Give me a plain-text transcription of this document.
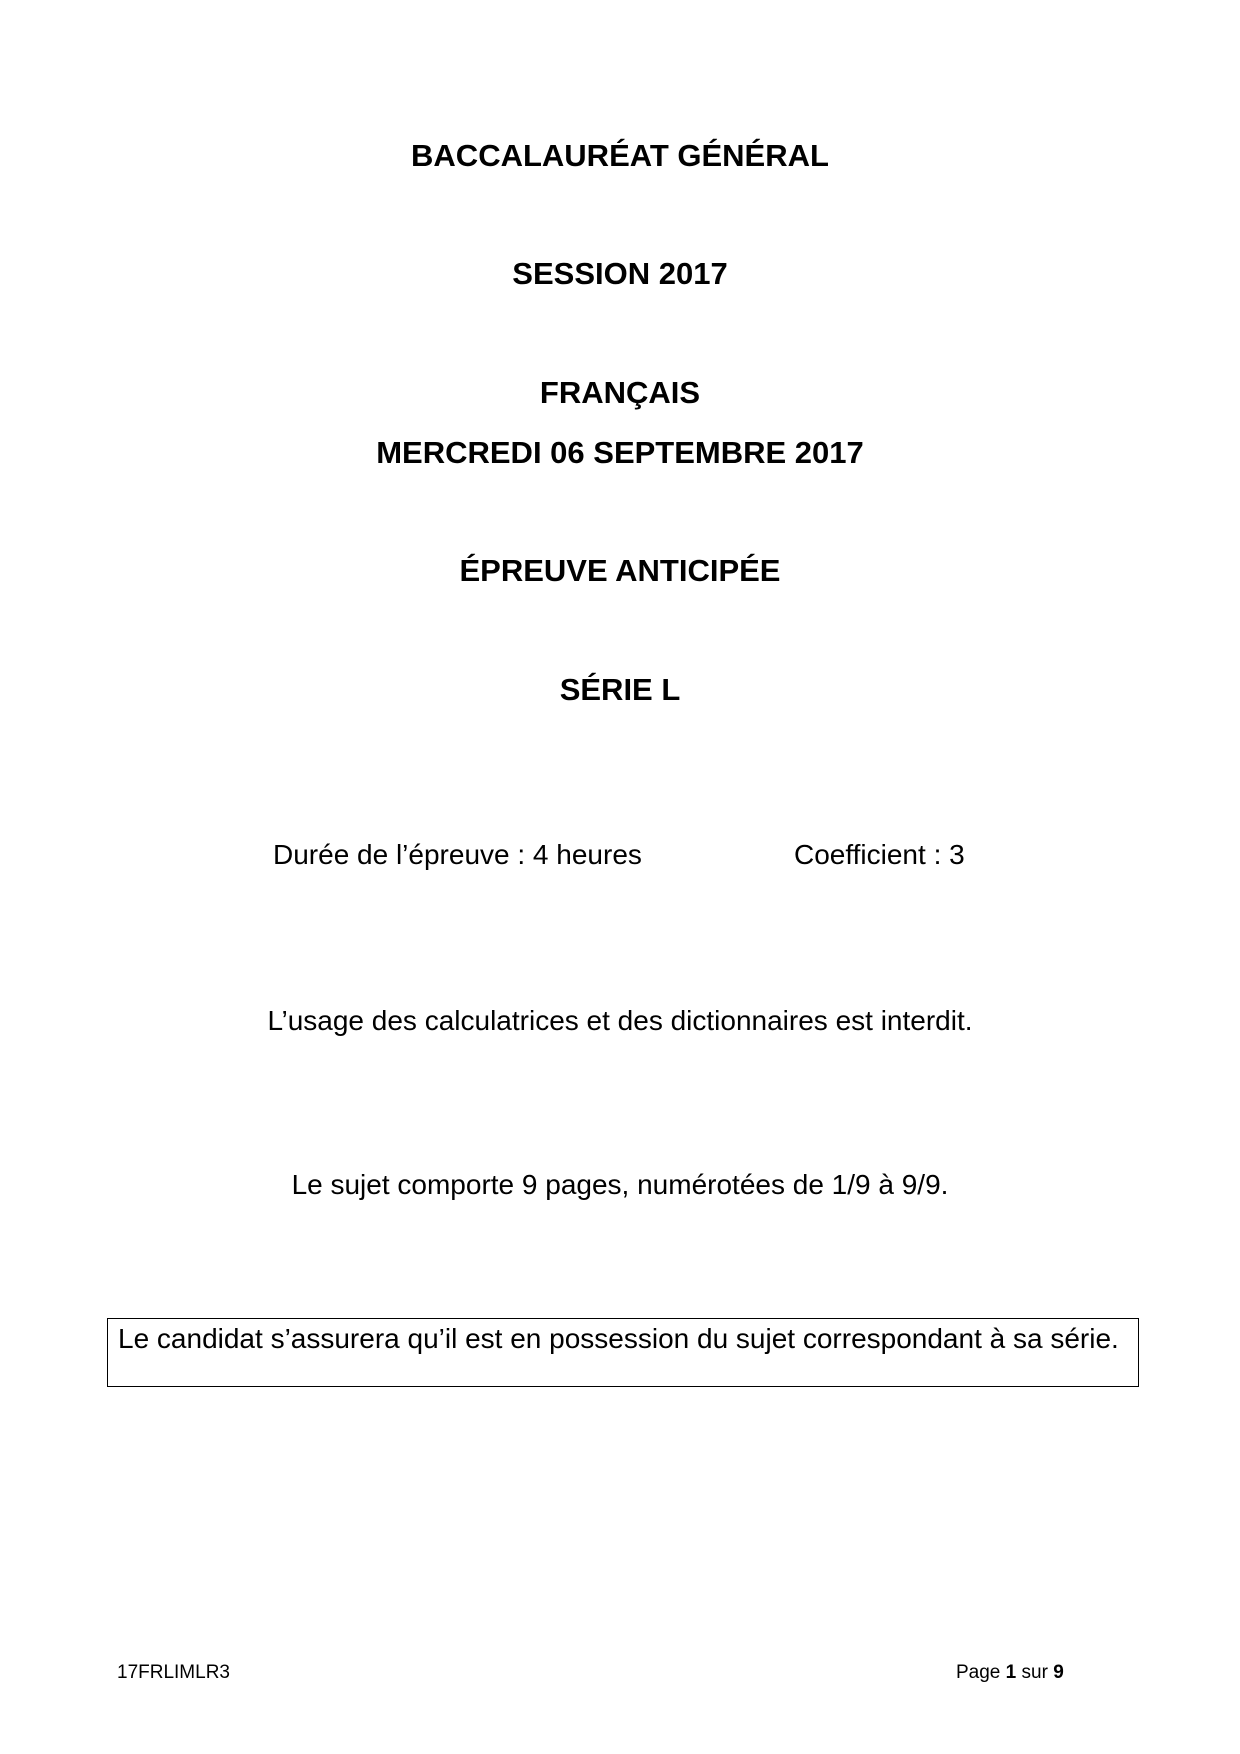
BACCALAURÉAT GÉNÉRAL
SESSION 2017
FRANÇAIS
MERCREDI 06 SEPTEMBRE 2017
ÉPREUVE ANTICIPÉE
SÉRIE L
Durée de l’épreuve : 4 heures	Coefficient : 3
L’usage des calculatrices et des dictionnaires est interdit.
Le sujet comporte 9 pages, numérotées de 1/9 à 9/9.
Le candidat s’assurera qu’il est en possession du sujet correspondant à sa série.
17FRLIMLR3	Page 1 sur 9
